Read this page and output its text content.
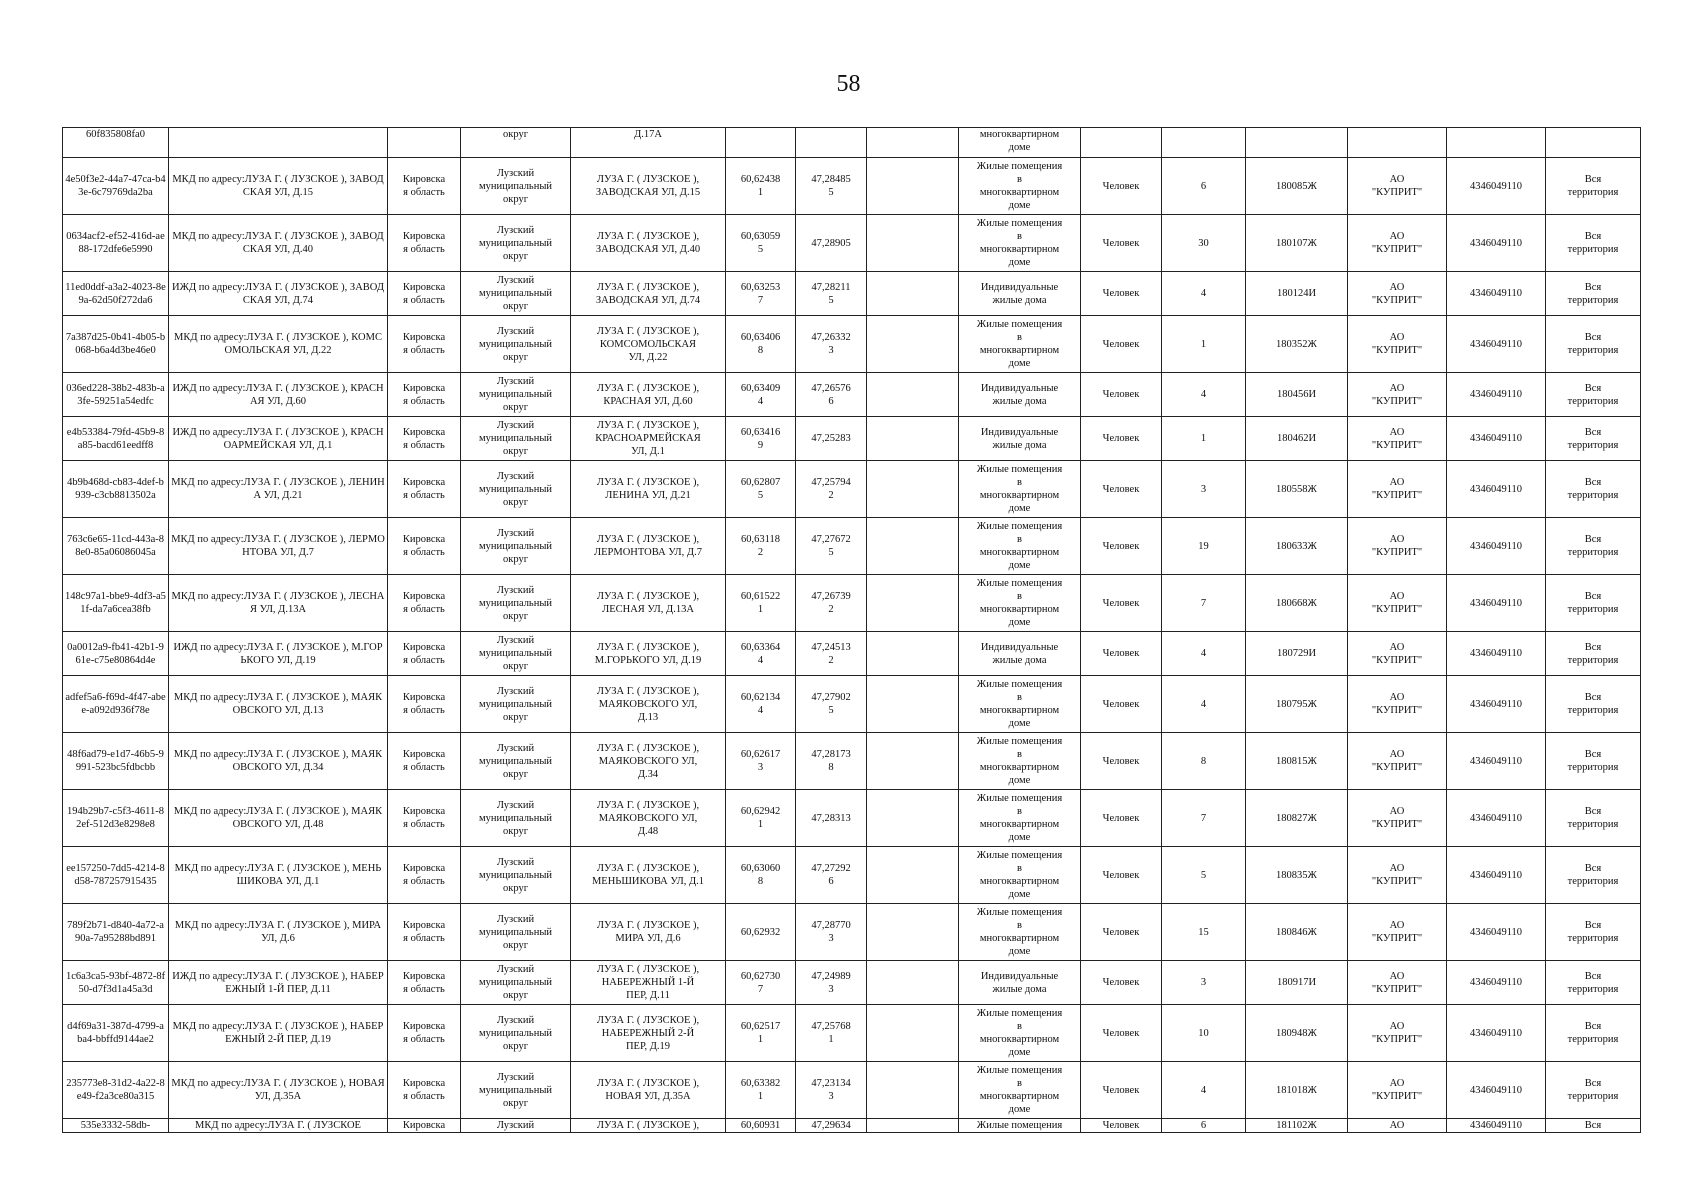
58
60f835808fa0			округ	Д.17А				многоквартирном
доме						
4e50f3e2-44a7-47ca-b43e-6c79769da2ba	МКД по адресу:ЛУЗА Г. ( ЛУЗСКОЕ ), ЗАВОДСКАЯ УЛ, Д.15	Кировска
я область	Лузский
муниципальный
округ	ЛУЗА Г. ( ЛУЗСКОЕ ),
ЗАВОДСКАЯ УЛ, Д.15	60,62438
1	47,28485
5		Жилые помещения
в
многоквартирном
доме	Человек	6	180085Ж	АО
"КУПРИТ"	4346049110	Вся
территория
0634acf2-ef52-416d-ae88-172dfe6e5990	МКД по адресу:ЛУЗА Г. ( ЛУЗСКОЕ ), ЗАВОДСКАЯ УЛ, Д.40	Кировска
я область	Лузский
муниципальный
округ	ЛУЗА Г. ( ЛУЗСКОЕ ),
ЗАВОДСКАЯ УЛ, Д.40	60,63059
5	47,28905		Жилые помещения
в
многоквартирном
доме	Человек	30	180107Ж	АО
"КУПРИТ"	4346049110	Вся
территория
11ed0ddf-a3a2-4023-8e9a-62d50f272da6	ИЖД по адресу:ЛУЗА Г. ( ЛУЗСКОЕ ), ЗАВОДСКАЯ УЛ, Д.74	Кировска
я область	Лузский
муниципальный
округ	ЛУЗА Г. ( ЛУЗСКОЕ ),
ЗАВОДСКАЯ УЛ, Д.74	60,63253
7	47,28211
5		Индивидуальные
жилые дома	Человек	4	180124И	АО
"КУПРИТ"	4346049110	Вся
территория
7a387d25-0b41-4b05-b068-b6a4d3be46e0	МКД по адресу:ЛУЗА Г. ( ЛУЗСКОЕ ), КОМСОМОЛЬСКАЯ УЛ, Д.22	Кировска
я область	Лузский
муниципальный
округ	ЛУЗА Г. ( ЛУЗСКОЕ ),
КОМСОМОЛЬСКАЯ
УЛ, Д.22	60,63406
8	47,26332
3		Жилые помещения
в
многоквартирном
доме	Человек	1	180352Ж	АО
"КУПРИТ"	4346049110	Вся
территория
036ed228-38b2-483b-a3fe-59251a54edfc	ИЖД по адресу:ЛУЗА Г. ( ЛУЗСКОЕ ), КРАСНАЯ УЛ, Д.60	Кировска
я область	Лузский
муниципальный
округ	ЛУЗА Г. ( ЛУЗСКОЕ ),
КРАСНАЯ УЛ, Д.60	60,63409
4	47,26576
6		Индивидуальные
жилые дома	Человек	4	180456И	АО
"КУПРИТ"	4346049110	Вся
территория
e4b53384-79fd-45b9-8a85-bacd61eedff8	ИЖД по адресу:ЛУЗА Г. ( ЛУЗСКОЕ ), КРАСНОАРМЕЙСКАЯ УЛ, Д.1	Кировска
я область	Лузский
муниципальный
округ	ЛУЗА Г. ( ЛУЗСКОЕ ),
КРАСНОАРМЕЙСКАЯ
УЛ, Д.1	60,63416
9	47,25283		Индивидуальные
жилые дома	Человек	1	180462И	АО
"КУПРИТ"	4346049110	Вся
территория
4b9b468d-cb83-4def-b939-c3cb8813502a	МКД по адресу:ЛУЗА Г. ( ЛУЗСКОЕ ), ЛЕНИНА УЛ, Д.21	Кировска
я область	Лузский
муниципальный
округ	ЛУЗА Г. ( ЛУЗСКОЕ ),
ЛЕНИНА УЛ, Д.21	60,62807
5	47,25794
2		Жилые помещения
в
многоквартирном
доме	Человек	3	180558Ж	АО
"КУПРИТ"	4346049110	Вся
территория
763c6e65-11cd-443a-88e0-85a06086045a	МКД по адресу:ЛУЗА Г. ( ЛУЗСКОЕ ), ЛЕРМОНТОВА УЛ, Д.7	Кировска
я область	Лузский
муниципальный
округ	ЛУЗА Г. ( ЛУЗСКОЕ ),
ЛЕРМОНТОВА УЛ, Д.7	60,63118
2	47,27672
5		Жилые помещения
в
многоквартирном
доме	Человек	19	180633Ж	АО
"КУПРИТ"	4346049110	Вся
территория
148c97a1-bbe9-4df3-a51f-da7a6cea38fb	МКД по адресу:ЛУЗА Г. ( ЛУЗСКОЕ ), ЛЕСНАЯ УЛ, Д.13А	Кировска
я область	Лузский
муниципальный
округ	ЛУЗА Г. ( ЛУЗСКОЕ ),
ЛЕСНАЯ УЛ, Д.13А	60,61522
1	47,26739
2		Жилые помещения
в
многоквартирном
доме	Человек	7	180668Ж	АО
"КУПРИТ"	4346049110	Вся
территория
0a0012a9-fb41-42b1-961e-c75e80864d4e	ИЖД по адресу:ЛУЗА Г. ( ЛУЗСКОЕ ), М.ГОРЬКОГО УЛ, Д.19	Кировска
я область	Лузский
муниципальный
округ	ЛУЗА Г. ( ЛУЗСКОЕ ),
М.ГОРЬКОГО УЛ, Д.19	60,63364
4	47,24513
2		Индивидуальные
жилые дома	Человек	4	180729И	АО
"КУПРИТ"	4346049110	Вся
территория
adfef5a6-f69d-4f47-abee-a092d936f78e	МКД по адресу:ЛУЗА Г. ( ЛУЗСКОЕ ), МАЯКОВСКОГО УЛ, Д.13	Кировска
я область	Лузский
муниципальный
округ	ЛУЗА Г. ( ЛУЗСКОЕ ),
МАЯКОВСКОГО УЛ,
Д.13	60,62134
4	47,27902
5		Жилые помещения
в
многоквартирном
доме	Человек	4	180795Ж	АО
"КУПРИТ"	4346049110	Вся
территория
48f6ad79-e1d7-46b5-9991-523bc5fdbcbb	МКД по адресу:ЛУЗА Г. ( ЛУЗСКОЕ ), МАЯКОВСКОГО УЛ, Д.34	Кировска
я область	Лузский
муниципальный
округ	ЛУЗА Г. ( ЛУЗСКОЕ ),
МАЯКОВСКОГО УЛ,
Д.34	60,62617
3	47,28173
8		Жилые помещения
в
многоквартирном
доме	Человек	8	180815Ж	АО
"КУПРИТ"	4346049110	Вся
территория
194b29b7-c5f3-4611-82ef-512d3e8298e8	МКД по адресу:ЛУЗА Г. ( ЛУЗСКОЕ ), МАЯКОВСКОГО УЛ, Д.48	Кировска
я область	Лузский
муниципальный
округ	ЛУЗА Г. ( ЛУЗСКОЕ ),
МАЯКОВСКОГО УЛ,
Д.48	60,62942
1	47,28313		Жилые помещения
в
многоквартирном
доме	Человек	7	180827Ж	АО
"КУПРИТ"	4346049110	Вся
территория
ee157250-7dd5-4214-8d58-787257915435	МКД по адресу:ЛУЗА Г. ( ЛУЗСКОЕ ), МЕНЬШИКОВА УЛ, Д.1	Кировска
я область	Лузский
муниципальный
округ	ЛУЗА Г. ( ЛУЗСКОЕ ),
МЕНЬШИКОВА УЛ, Д.1	60,63060
8	47,27292
6		Жилые помещения
в
многоквартирном
доме	Человек	5	180835Ж	АО
"КУПРИТ"	4346049110	Вся
территория
789f2b71-d840-4a72-a90a-7a95288bd891	МКД по адресу:ЛУЗА Г. ( ЛУЗСКОЕ ), МИРА УЛ, Д.6	Кировска
я область	Лузский
муниципальный
округ	ЛУЗА Г. ( ЛУЗСКОЕ ),
МИРА УЛ, Д.6	60,62932	47,28770
3		Жилые помещения
в
многоквартирном
доме	Человек	15	180846Ж	АО
"КУПРИТ"	4346049110	Вся
территория
1c6a3ca5-93bf-4872-8f50-d7f3d1a45a3d	ИЖД по адресу:ЛУЗА Г. ( ЛУЗСКОЕ ), НАБЕРЕЖНЫЙ 1-Й ПЕР, Д.11	Кировска
я область	Лузский
муниципальный
округ	ЛУЗА Г. ( ЛУЗСКОЕ ),
НАБЕРЕЖНЫЙ 1-Й
ПЕР, Д.11	60,62730
7	47,24989
3		Индивидуальные
жилые дома	Человек	3	180917И	АО
"КУПРИТ"	4346049110	Вся
территория
d4f69a31-387d-4799-aba4-bbffd9144ae2	МКД по адресу:ЛУЗА Г. ( ЛУЗСКОЕ ), НАБЕРЕЖНЫЙ 2-Й ПЕР, Д.19	Кировска
я область	Лузский
муниципальный
округ	ЛУЗА Г. ( ЛУЗСКОЕ ),
НАБЕРЕЖНЫЙ 2-Й
ПЕР, Д.19	60,62517
1	47,25768
1		Жилые помещения
в
многоквартирном
доме	Человек	10	180948Ж	АО
"КУПРИТ"	4346049110	Вся
территория
235773e8-31d2-4a22-8e49-f2a3ce80a315	МКД по адресу:ЛУЗА Г. ( ЛУЗСКОЕ ), НОВАЯ УЛ, Д.35А	Кировска
я область	Лузский
муниципальный
округ	ЛУЗА Г. ( ЛУЗСКОЕ ),
НОВАЯ УЛ, Д.35А	60,63382
1	47,23134
3		Жилые помещения
в
многоквартирном
доме	Человек	4	181018Ж	АО
"КУПРИТ"	4346049110	Вся
территория
535e3332-58db-	МКД по адресу:ЛУЗА Г. ( ЛУЗСКОЕ	Кировска	Лузский	ЛУЗА Г. ( ЛУЗСКОЕ ),	60,60931	47,29634		Жилые помещения	Человек	6	181102Ж	АО	4346049110	Вся
